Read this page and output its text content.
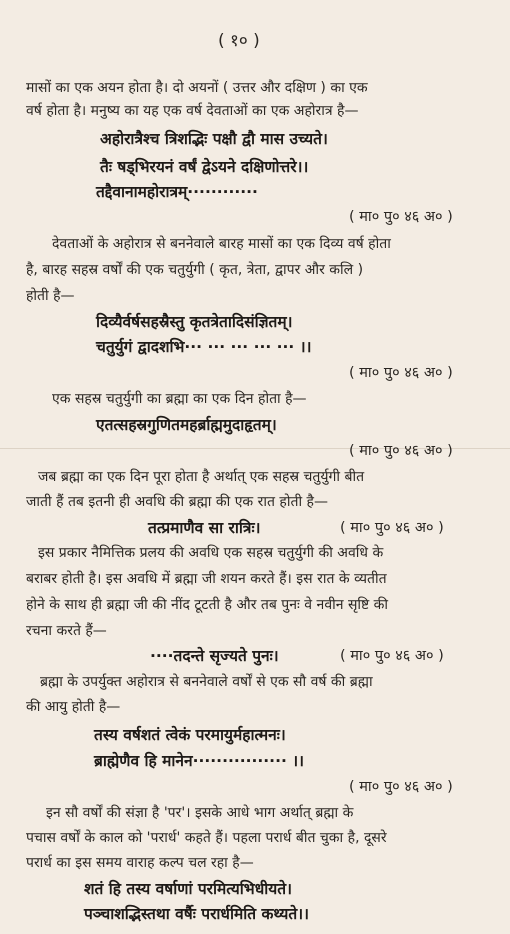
( १० )
मासों का एक अयन होता है। दो अयनों ( उत्तर और दक्षिण ) का एक
वर्ष होता है। मनुष्य का यह एक वर्ष देवताओं का एक अहोरात्र है—
अहोरात्रैश्च त्रिशद्भिः पक्षौ द्वौ मास उच्यते।
तैः षड्भिरयनं वर्षं द्वेऽयने दक्षिणोत्तरे।।
तद्दैवानामहोरात्रम्············
( मा० पु० ४६ अ० )
देवताओं के अहोरात्र से बननेवाले बारह मासों का एक दिव्य वर्ष होता
है, बारह सहस्र वर्षों की एक चतुर्युगी ( कृत, त्रेता, द्वापर और कलि )
होती है—
दिव्यैर्वर्षसहस्रैस्तु कृतत्रेतादिसंज्ञितम्।
चतुर्युगं द्वादशभि··· ··· ··· ··· ··· ।।
( मा० पु० ४६ अ० )
एक सहस्र चतुर्युगी का ब्रह्मा का एक दिन होता है—
एतत्सहस्रगुणितमहर्ब्राह्ममुदाहृतम्।
( मा० पु० ४६ अ० )
जब ब्रह्मा का एक दिन पूरा होता है अर्थात् एक सहस्र चतुर्युगी बीत
जाती हैं तब इतनी ही अवधि की ब्रह्मा की एक रात होती है—
तत्प्रमाणैव सा रात्रिः।	( मा० पु० ४६ अ० )
इस प्रकार नैमित्तिक प्रलय की अवधि एक सहस्र चतुर्युगी की अवधि के
बराबर होती है। इस अवधि में ब्रह्मा जी शयन करते हैं। इस रात के व्यतीत
होने के साथ ही ब्रह्मा जी की नींद टूटती है और तब पुनः वे नवीन सृष्टि की
रचना करते हैं—
····तदन्ते सृज्यते पुनः।	( मा० पु० ४६ अ० )
ब्रह्मा के उपर्युक्त अहोरात्र से बननेवाले वर्षों से एक सौ वर्ष की ब्रह्मा
की आयु होती है—
तस्य वर्षशतं त्वेकं परमायुर्महात्मनः।
ब्राह्मेणैव हि मानेन················ ।।
( मा० पु० ४६ अ० )
इन सौ वर्षों की संज्ञा है 'पर'। इसके आधे भाग अर्थात् ब्रह्मा के
पचास वर्षों के काल को 'परार्ध' कहते हैं। पहला परार्ध बीत चुका है, दूसरे
परार्ध का इस समय वाराह कल्प चल रहा है—
शतं हि तस्य वर्षाणां परमित्यभिधीयते।
पञ्चाशद्भिस्तथा वर्षैः परार्धमिति कथ्यते।।
